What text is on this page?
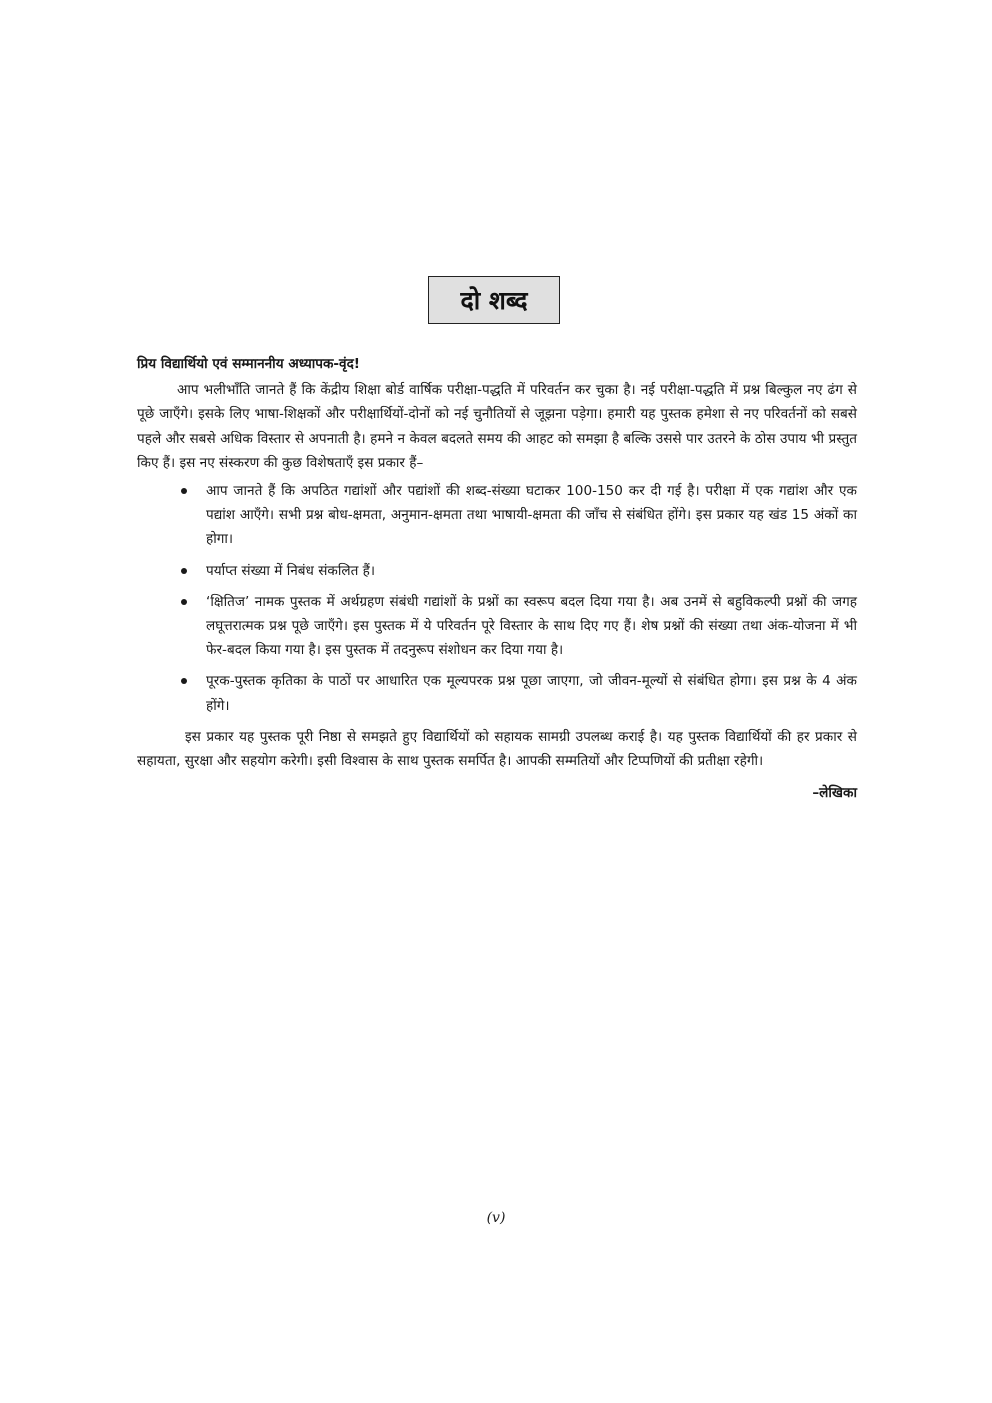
दो शब्द

प्रिय विद्यार्थियो एवं सम्माननीय अध्यापक-वृंद!

आप भलीभाँति जानते हैं कि केंद्रीय शिक्षा बोर्ड वार्षिक परीक्षा-पद्धति में परिवर्तन कर चुका है। नई परीक्षा-पद्धति में प्रश्न बिल्कुल नए ढंग से पूछे जाएँगे। इसके लिए भाषा-शिक्षकों और परीक्षार्थियों-दोनों को नई चुनौतियों से जूझना पड़ेगा। हमारी यह पुस्तक हमेशा से नए परिवर्तनों को सबसे पहले और सबसे अधिक विस्तार से अपनाती है। हमने न केवल बदलते समय की आहट को समझा है बल्कि उससे पार उतरने के ठोस उपाय भी प्रस्तुत किए हैं। इस नए संस्करण की कुछ विशेषताएँ इस प्रकार हैं–

आप जानते हैं कि अपठित गद्यांशों और पद्यांशों की शब्द-संख्या घटाकर 100-150 कर दी गई है। परीक्षा में एक गद्यांश और एक पद्यांश आएँगे। सभी प्रश्न बोध-क्षमता, अनुमान-क्षमता तथा भाषायी-क्षमता की जाँच से संबंधित होंगे। इस प्रकार यह खंड 15 अंकों का होगा।
पर्याप्त संख्या में निबंध संकलित हैं।
‘क्षितिज’ नामक पुस्तक में अर्थग्रहण संबंधी गद्यांशों के प्रश्नों का स्वरूप बदल दिया गया है। अब उनमें से बहुविकल्पी प्रश्नों की जगह लघूत्तरात्मक प्रश्न पूछे जाएँगे। इस पुस्तक में ये परिवर्तन पूरे विस्तार के साथ दिए गए हैं। शेष प्रश्नों की संख्या तथा अंक-योजना में भी फेर-बदल किया गया है। इस पुस्तक में तदनुरूप संशोधन कर दिया गया है।
पूरक-पुस्तक कृतिका के पाठों पर आधारित एक मूल्यपरक प्रश्न पूछा जाएगा, जो जीवन-मूल्यों से संबंधित होगा। इस प्रश्न के 4 अंक होंगे।

इस प्रकार यह पुस्तक पूरी निष्ठा से समझते हुए विद्यार्थियों को सहायक सामग्री उपलब्ध कराई है। यह पुस्तक विद्यार्थियों की हर प्रकार से सहायता, सुरक्षा और सहयोग करेगी। इसी विश्वास के साथ पुस्तक समर्पित है। आपकी सम्मतियों और टिप्पणियों की प्रतीक्षा रहेगी।

–लेखिका

(v)
